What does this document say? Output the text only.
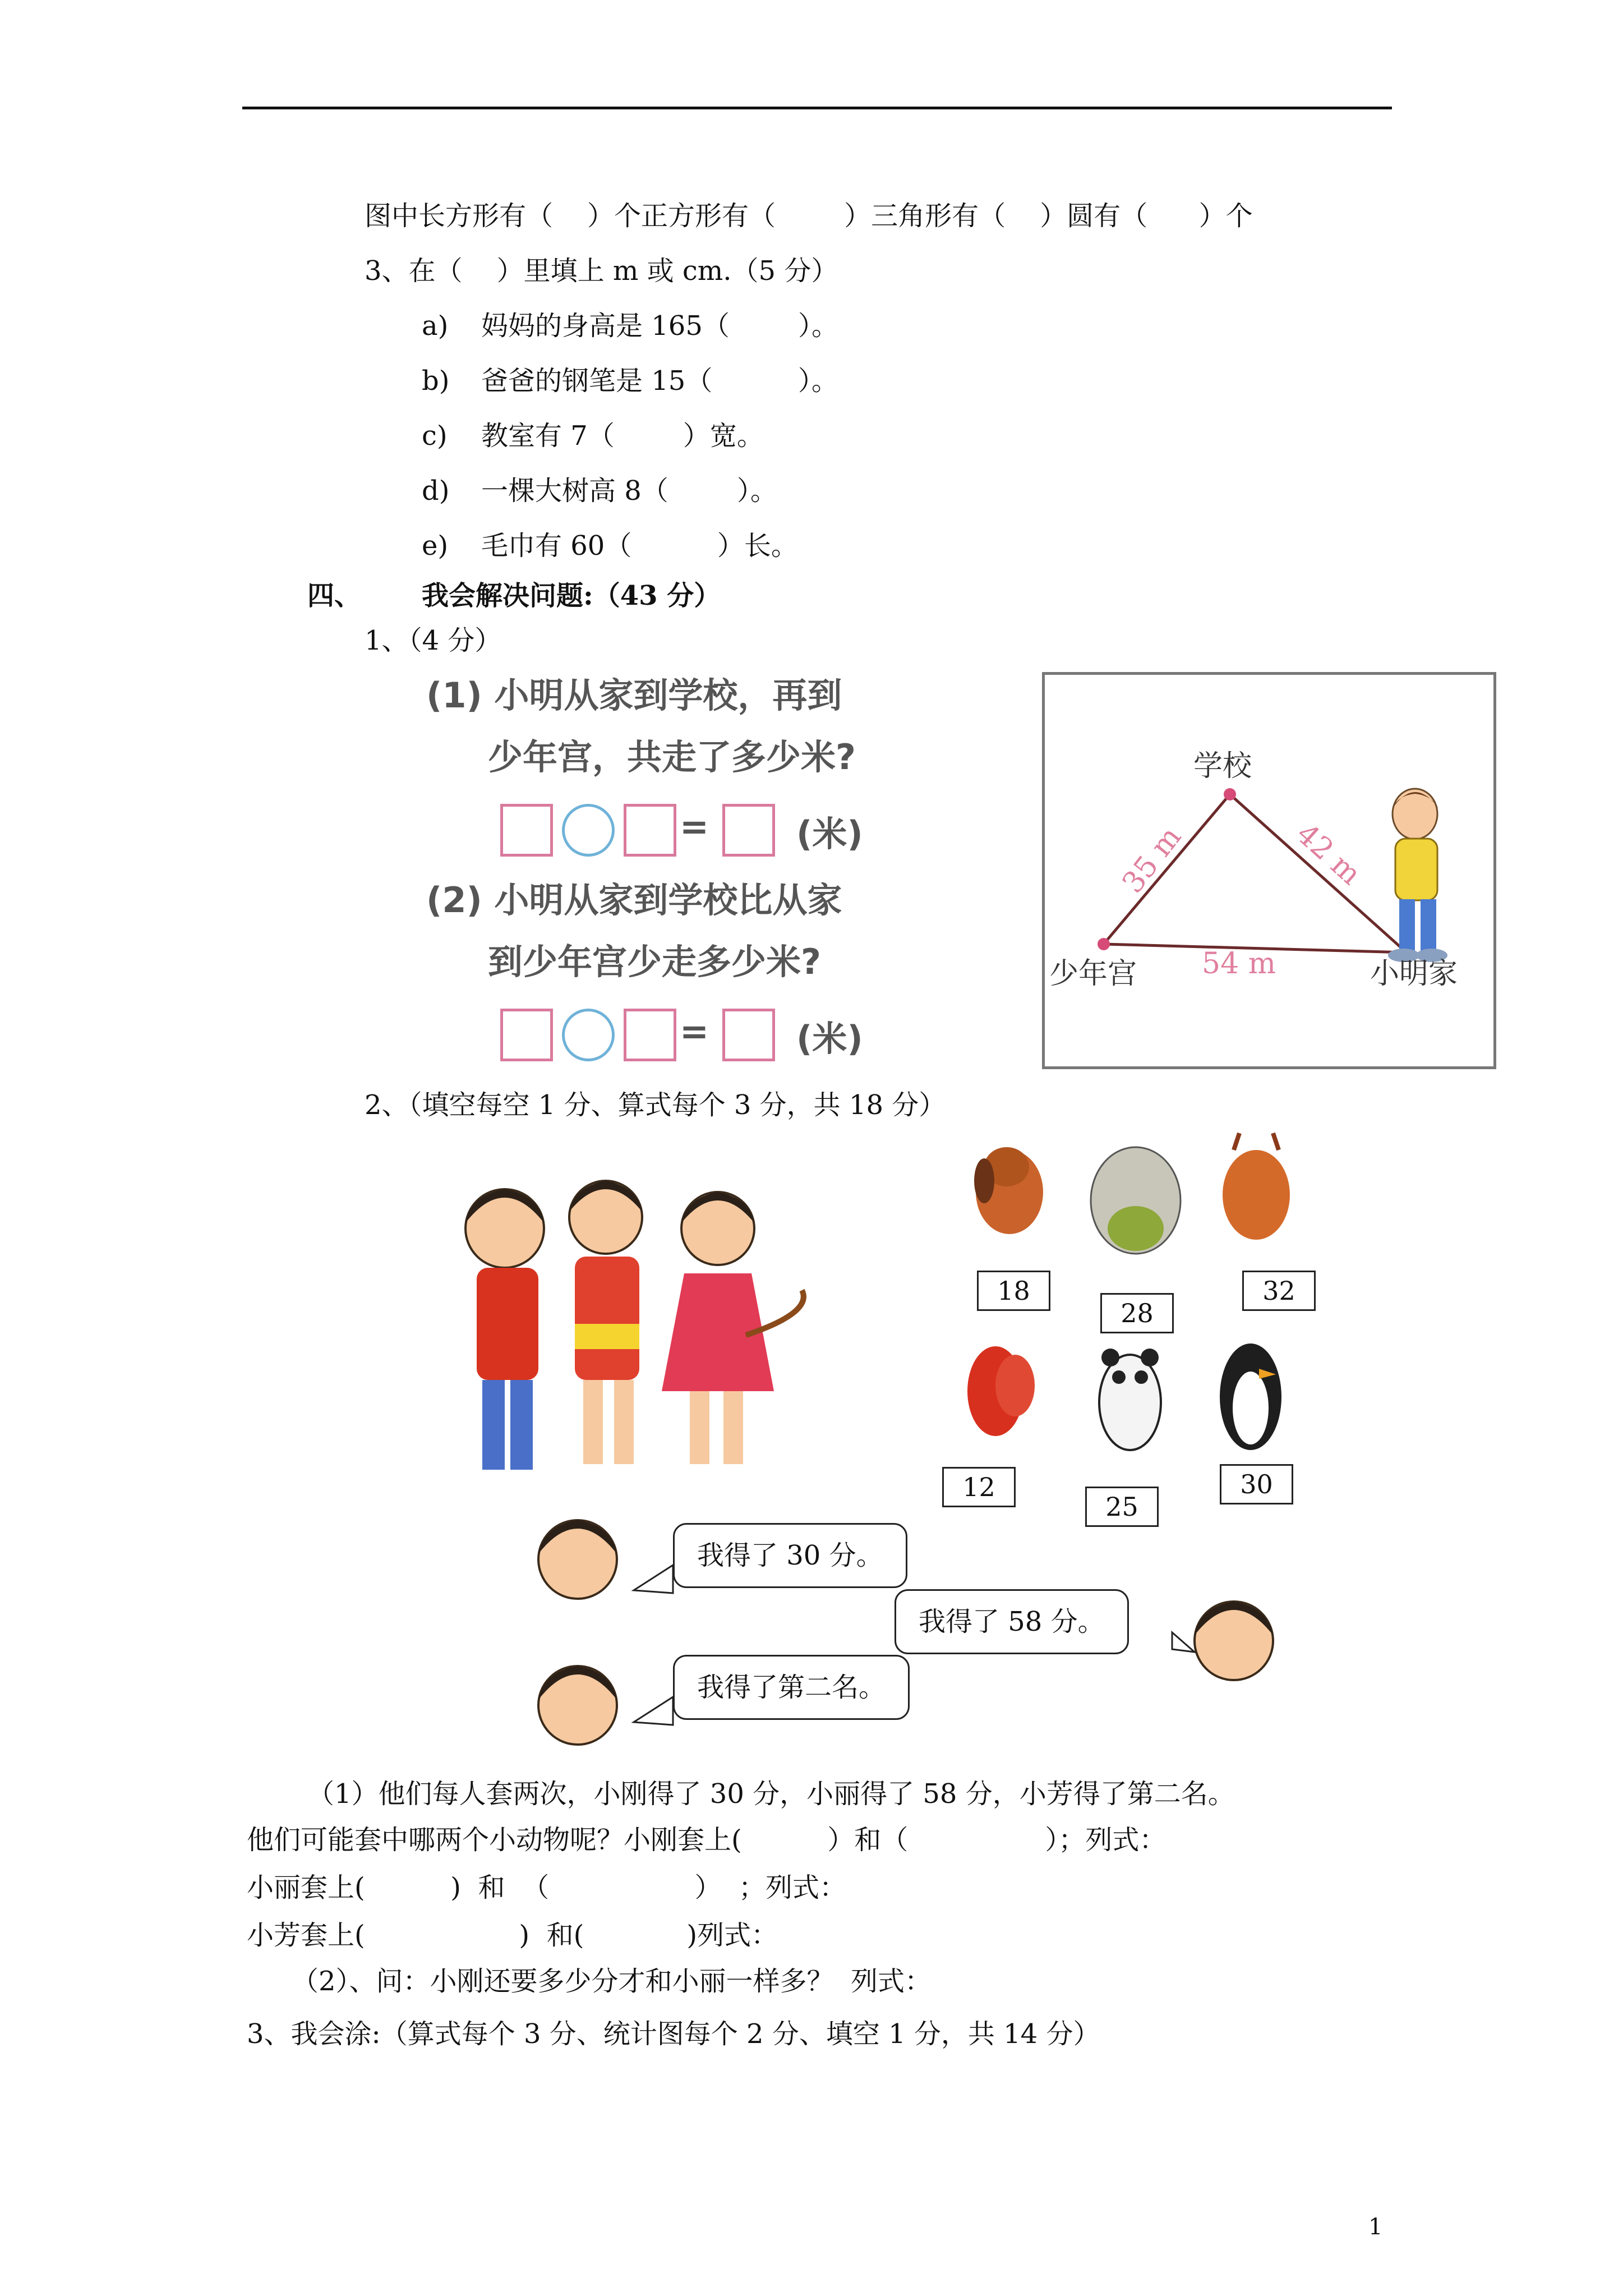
图中长方形有（    ）个正方形有（        ）三角形有（    ）圆有（      ）个
3、在（    ）里填上 m 或 cm.（5 分）
a) 妈妈的身高是 165（        ）。
b) 爸爸的钢笔是 15（          ）。
c) 教室有 7（        ）宽。
d) 一棵大树高 8（        ）。
e) 毛巾有 60（          ）长。
四、 我会解决问题:（43 分）
1、（4 分）
(1) 小明从家到学校，再到
少年宫，共走了多少米?
=	(米)
(2) 小明从家到学校比从家
到少年宫少走多少米?
=	(米)
学校
少年宫	小明家
35 m	42 m
54 m
2、（填空每空 1 分、算式每个 3 分，共 18 分）
18
28
32
12
25
30
我得了 30 分。
我得了 58 分。
我得了第二名。
（1）他们每人套两次，小刚得了 30 分，小丽得了 58 分，小芳得了第二名。
他们可能套中哪两个小动物呢？小刚套上(          ）和（                ）；列式：
小丽套上(          )  和  （                 ）  ；列式：
小芳套上(                  )  和(            )列式：
（2）、问：小刚还要多少分才和小丽一样多？  列式：
3、我会涂:（算式每个 3 分、统计图每个 2 分、填空 1 分，共 14 分）
1
